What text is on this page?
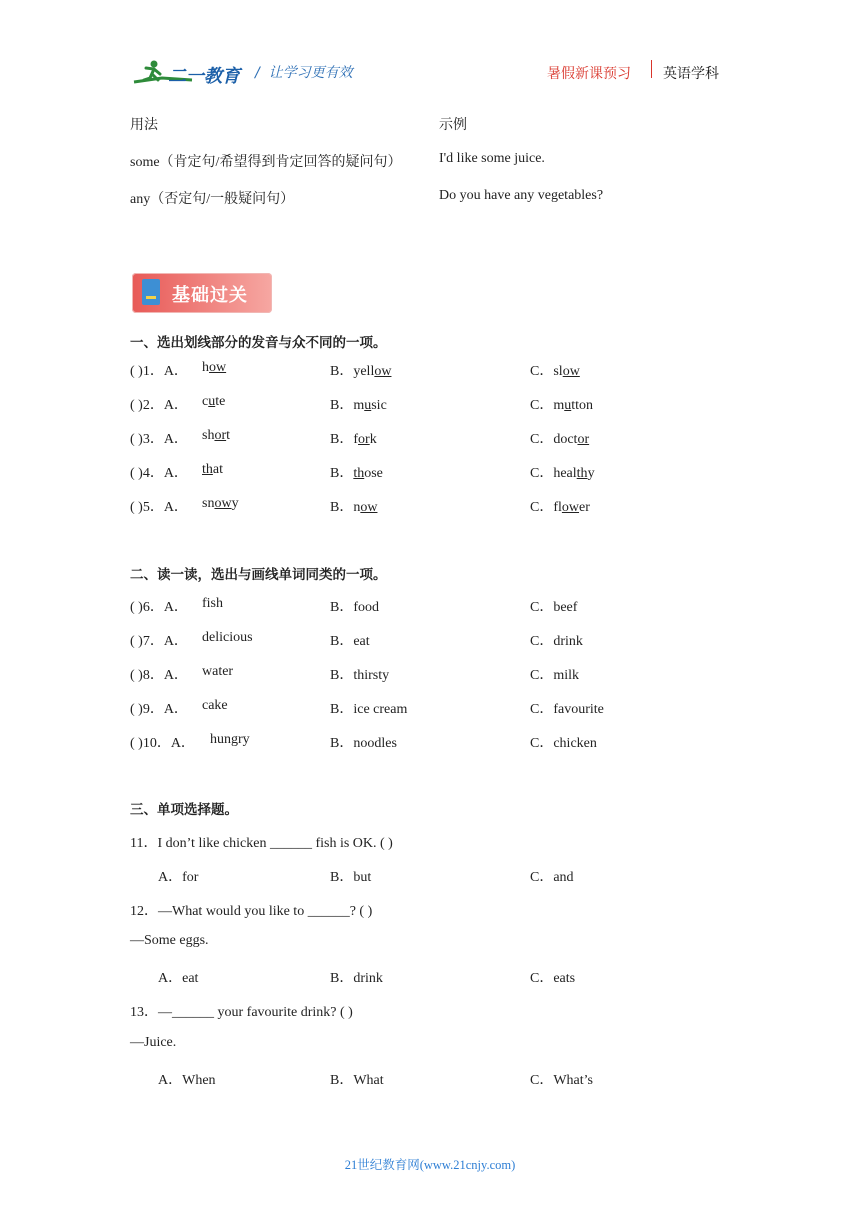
二一教育 /  让学习更有效	暑假新课预习 英语学科
用法	示例
some（肯定句/希望得到肯定回答的疑问句）	I'd like some juice.
any（否定句/一般疑问句）	Do you have any vegetables?
基础过关
一、选出划线部分的发音与众不同的一项。
( )1．A． how	B．yellow	C．slow
( )2．A． cute	B．music	C．mutton
( )3．A． short	B．fork	C．doctor
( )4．A． that	B．those	C．healthy
( )5．A． snowy	B．now	C．flower
二、读一读，选出与画线单词同类的一项。
( )6．A． fish	B．food	C．beef
( )7．A． delicious	B．eat	C．drink
( )8．A． water	B．thirsty	C．milk
( )9．A． cake	B．ice cream	C．favourite
( )10．A． hungry	B．noodles	C．chicken
三、单项选择题。
11．I don’t like chicken ______ fish is OK. ( )
A．for	B．but	C．and
12．—What would you like to ______? ( )
—Some eggs.
A．eat	B．drink	C．eats
13．—______ your favourite drink? ( )
—Juice.
A．When	B．What	C．What’s
21世纪教育网(www.21cnjy.com)
